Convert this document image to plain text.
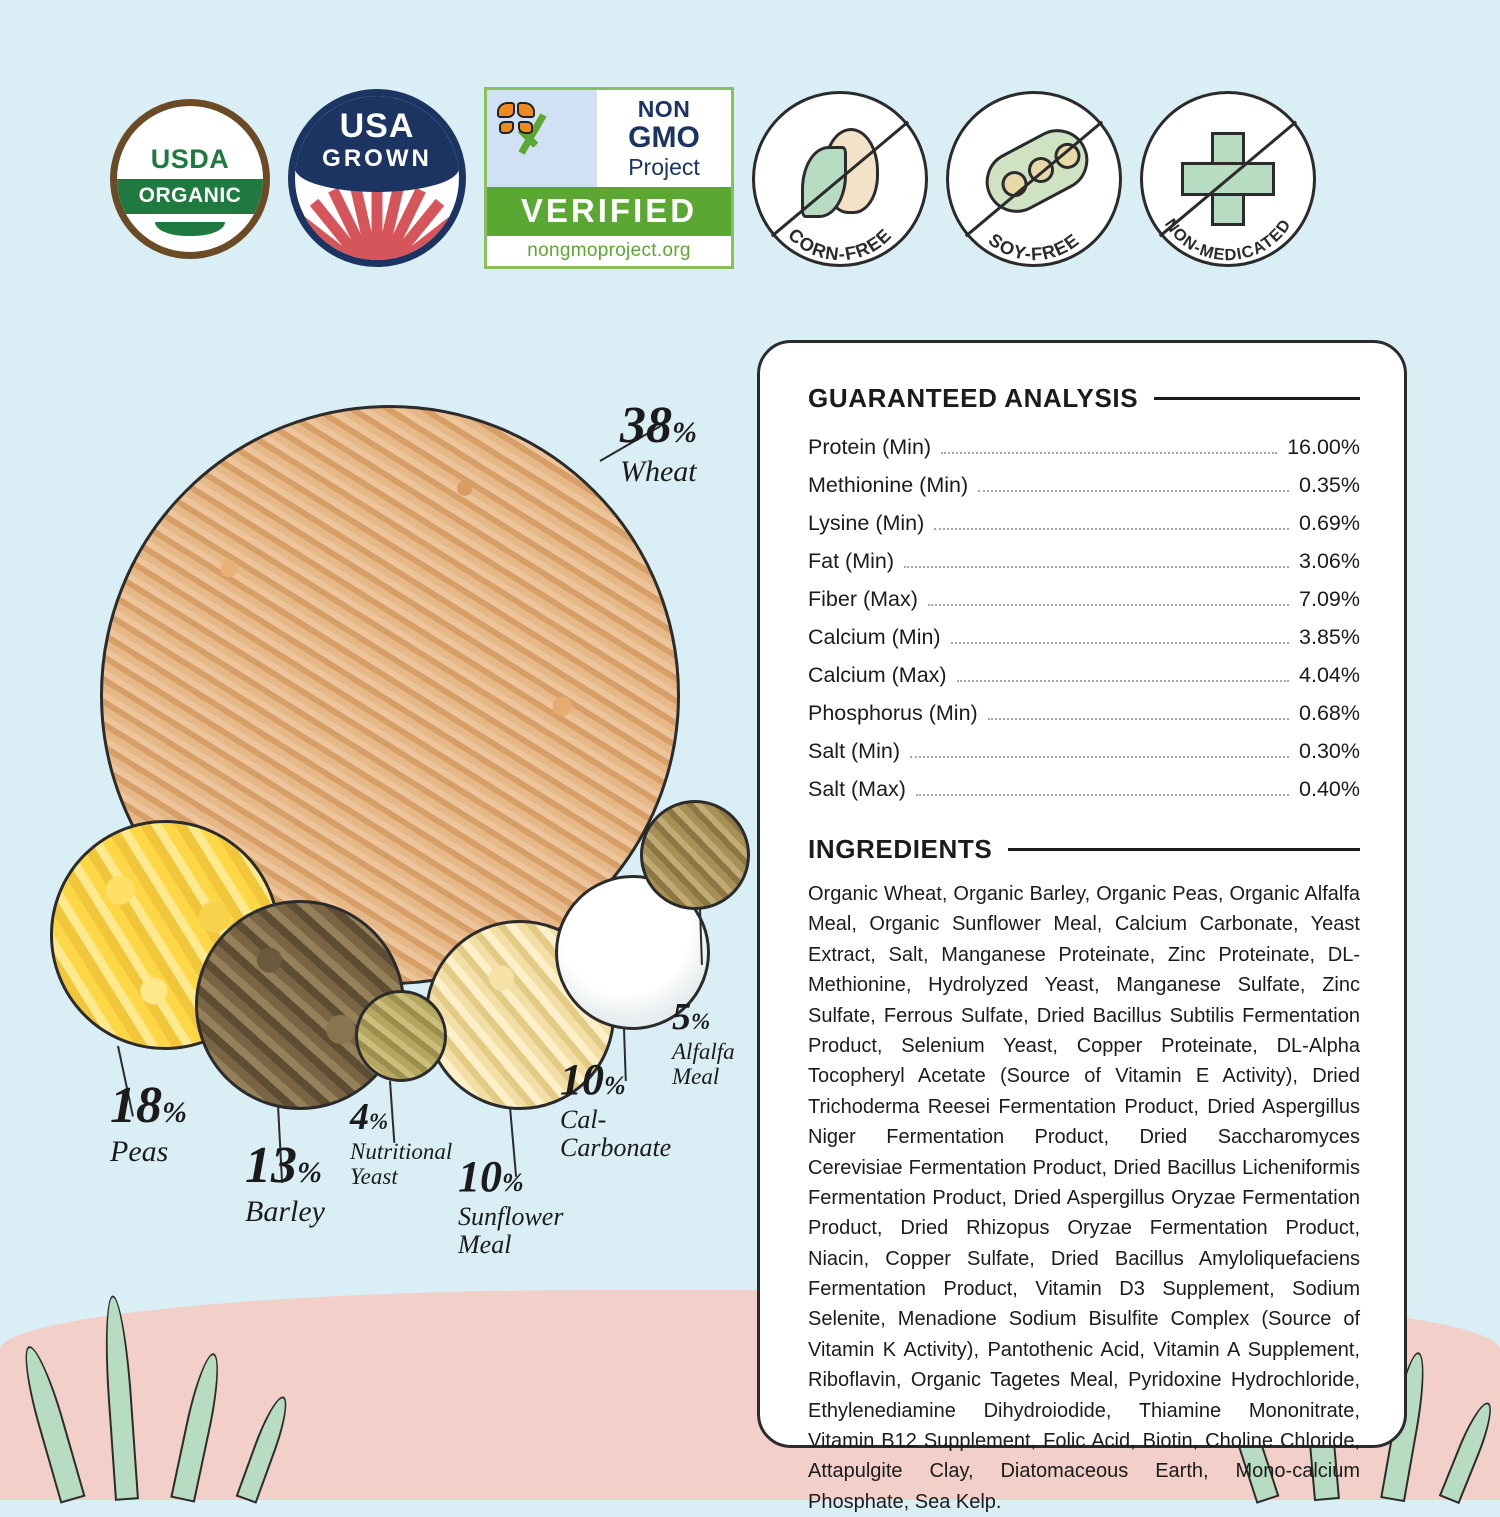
USDA
ORGANIC
USA
GROWN
NON
GMO
Project
VERIFIED
nongmoproject.org
CORN-FREE	SOY-FREE
NON-MEDICATED
38%
Wheat
18%
Peas	13%
Barley
4%
Nutritional
Yeast	10%
Sunflower
Meal
10%
Cal-
Carbonate
5%
Alfalfa
Meal
GUARANTEED ANALYSIS
Protein (Min)	16.00%
Methionine (Min)	0.35%
Lysine (Min)	0.69%
Fat (Min)	3.06%
Fiber (Max)	7.09%
Calcium (Min)	3.85%
Calcium (Max)	4.04%
Phosphorus (Min)	0.68%
Salt (Min)	0.30%
Salt (Max)	0.40%
INGREDIENTS
Organic Wheat, Organic Barley, Organic Peas, Organic Alfalfa Meal, Organic Sunflower Meal, Calcium Carbonate, Yeast Extract, Salt, Manganese Proteinate, Zinc Proteinate, DL-Methionine, Hydrolyzed Yeast, Manganese Sulfate, Zinc Sulfate, Ferrous Sulfate, Dried Bacillus Subtilis Fermentation Product, Selenium Yeast, Copper Proteinate, DL-Alpha Tocopheryl Acetate (Source of Vitamin E Activity), Dried Trichoderma Reesei Fermentation Product, Dried Aspergillus Niger Fermentation Product, Dried Saccharomyces Cerevisiae Fermentation Product, Dried Bacillus Licheniformis Fermentation Product, Dried Aspergillus Oryzae Fermentation Product, Dried Rhizopus Oryzae Fermentation Product, Niacin, Copper Sulfate, Dried Bacillus Amyloliquefaciens Fermentation Product, Vitamin D3 Supplement, Sodium Selenite, Menadione Sodium Bisulfite Complex (Source of Vitamin K Activity), Pantothenic Acid, Vitamin A Supplement, Riboflavin, Organic Tagetes Meal, Pyridoxine Hydrochloride, Ethylenediamine Dihydroiodide, Thiamine Mononitrate, Vitamin B12 Supplement, Folic Acid, Biotin, Choline Chloride, Attapulgite Clay, Diatomaceous Earth, Mono-calcium Phosphate, Sea Kelp.
